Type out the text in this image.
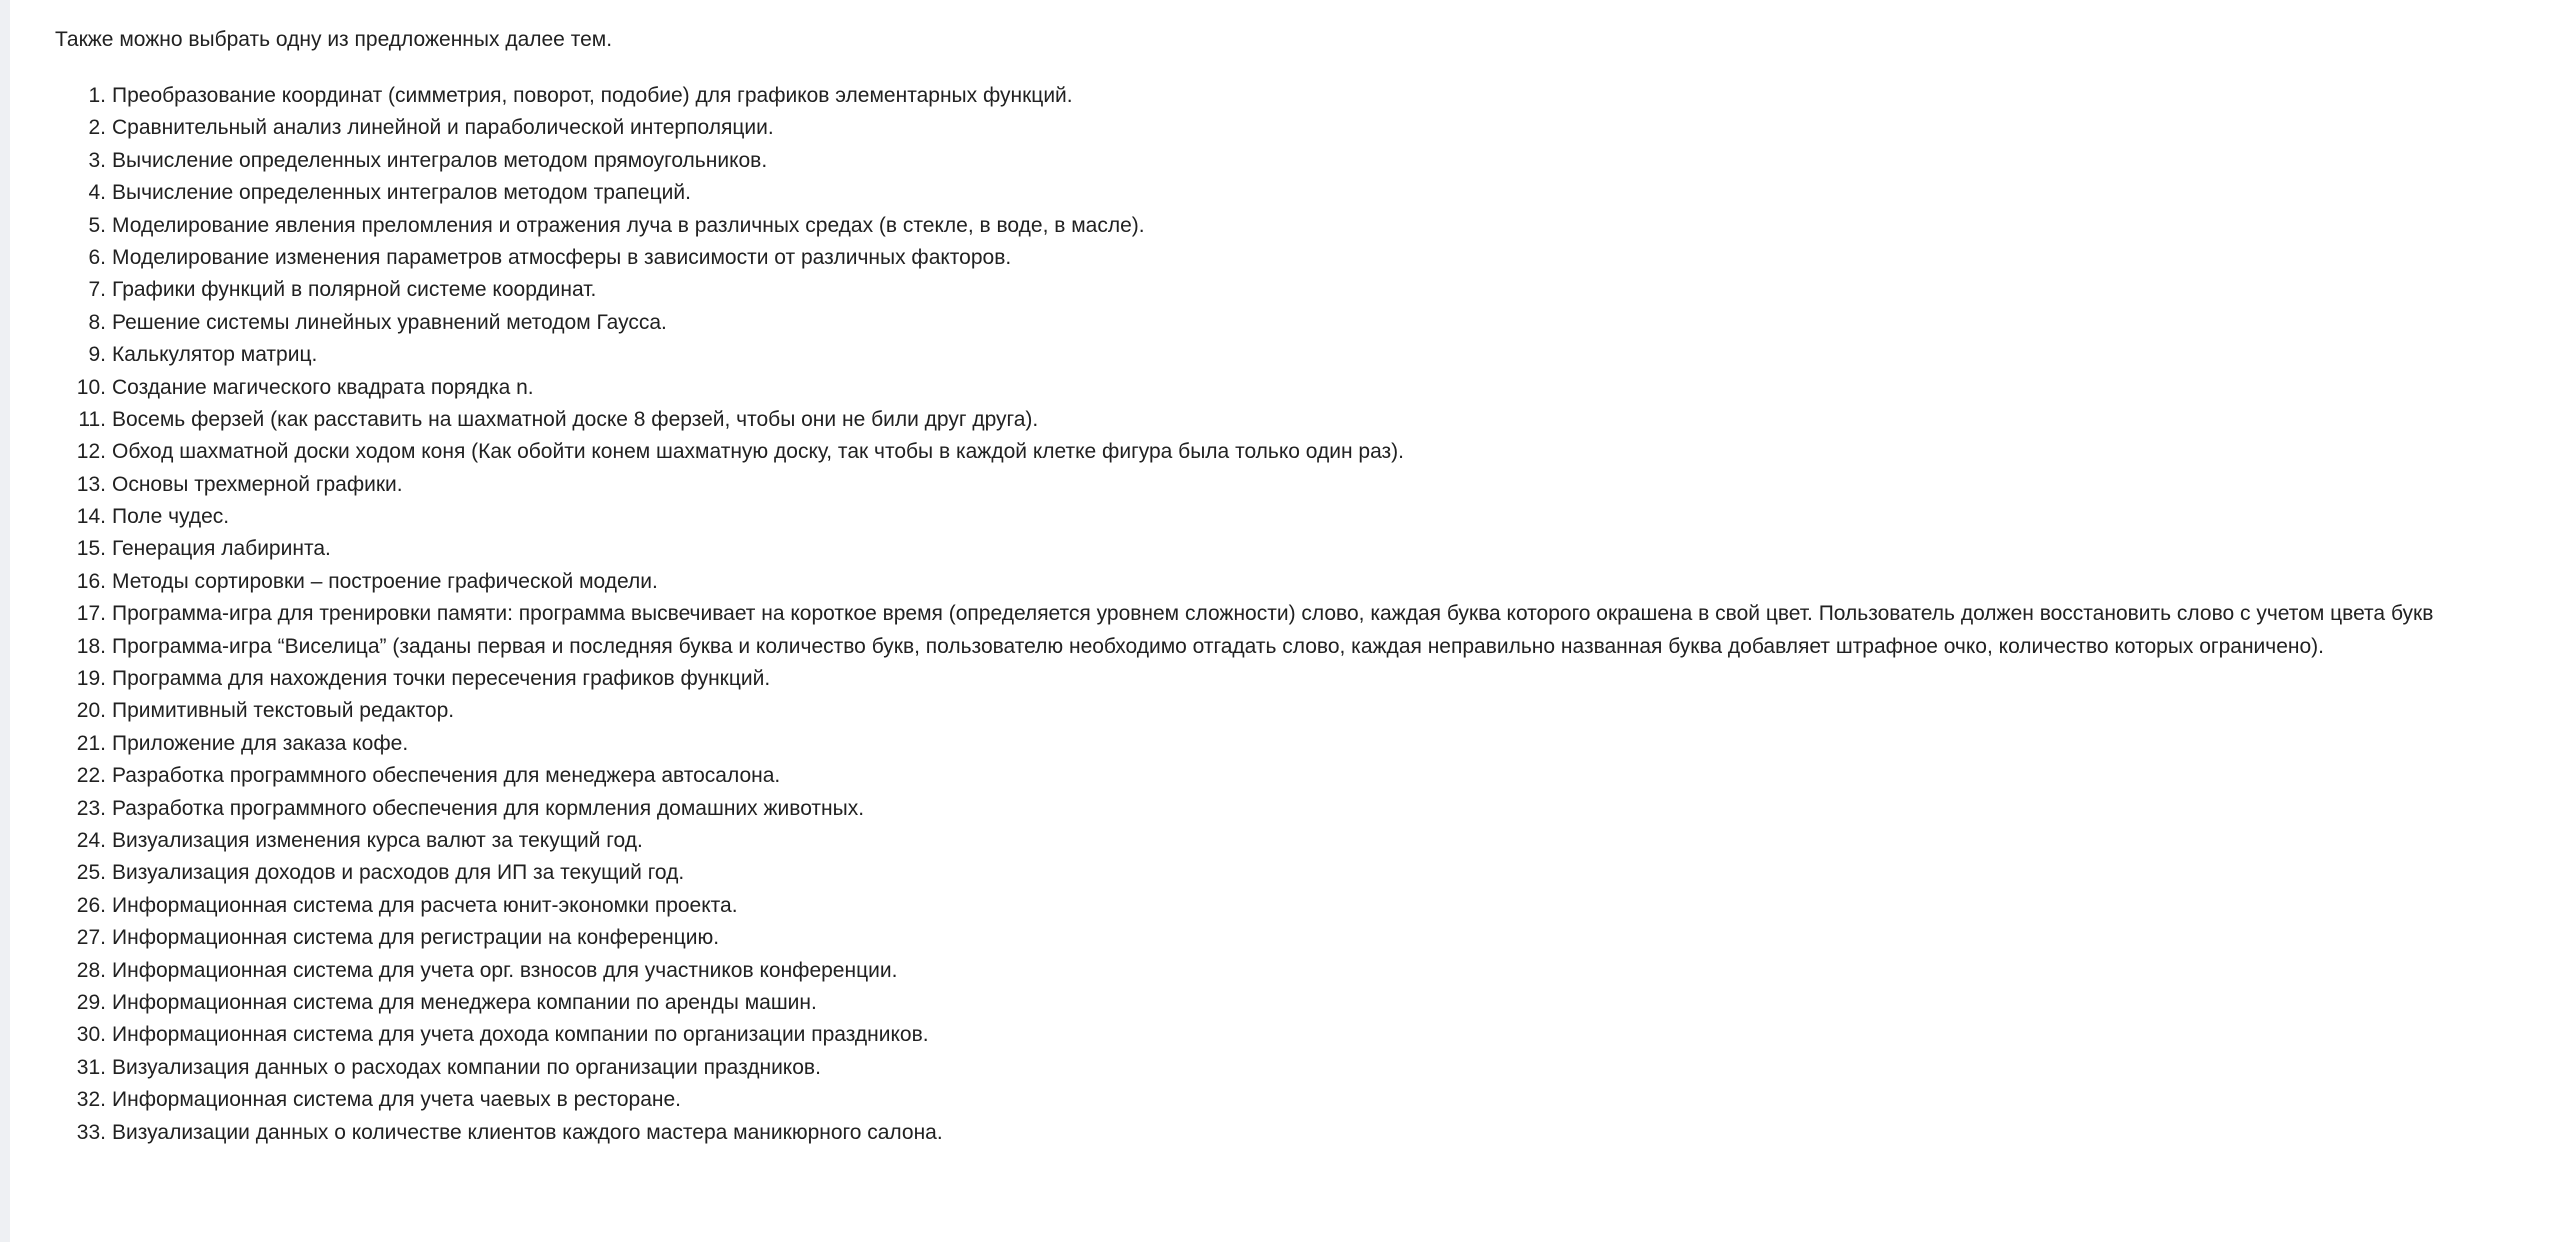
Также можно выбрать одну из предложенных далее тем.

1. Преобразование координат (симметрия, поворот, подобие) для графиков элементарных функций.
2. Сравнительный анализ линейной и параболической интерполяции.
3. Вычисление определенных интегралов методом прямоугольников.
4. Вычисление определенных интегралов методом трапеций.
5. Моделирование явления преломления и отражения луча в различных средах (в стекле, в воде, в масле).
6. Моделирование изменения параметров атмосферы в зависимости от различных факторов.
7. Графики функций в полярной системе координат.
8. Решение системы линейных уравнений методом Гаусса.
9. Калькулятор матриц.
10. Создание магического квадрата порядка n.
11. Восемь ферзей (как расставить на шахматной доске 8 ферзей, чтобы они не били друг друга).
12. Обход шахматной доски ходом коня (Как обойти конем шахматную доску, так чтобы в каждой клетке фигура была только один раз).
13. Основы трехмерной графики.
14. Поле чудес.
15. Генерация лабиринта.
16. Методы сортировки – построение графической модели.
17. Программа-игра для тренировки памяти: программа высвечивает на короткое время (определяется уровнем сложности) слово, каждая буква которого окрашена в свой цвет. Пользователь должен восстановить слово с учетом цвета букв
18. Программа-игра “Виселица” (заданы первая и последняя буква и количество букв, пользователю необходимо отгадать слово, каждая неправильно названная буква добавляет штрафное очко, количество которых ограничено).
19. Программа для нахождения точки пересечения графиков функций.
20. Примитивный текстовый редактор.
21. Приложение для заказа кофе.
22. Разработка программного обеспечения для менеджера автосалона.
23. Разработка программного обеспечения для кормления домашних животных.
24. Визуализация изменения курса валют за текущий год.
25. Визуализация доходов и расходов для ИП за текущий год.
26. Информационная система для расчета юнит-экономки проекта.
27. Информационная система для регистрации на конференцию.
28. Информационная система для учета орг. взносов для участников конференции.
29. Информационная система для менеджера компании по аренды машин.
30. Информационная система для учета дохода компании по организации праздников.
31. Визуализация данных о расходах компании по организации праздников.
32. Информационная система для учета чаевых в ресторане.
33. Визуализации данных о количестве клиентов каждого мастера маникюрного салона.
